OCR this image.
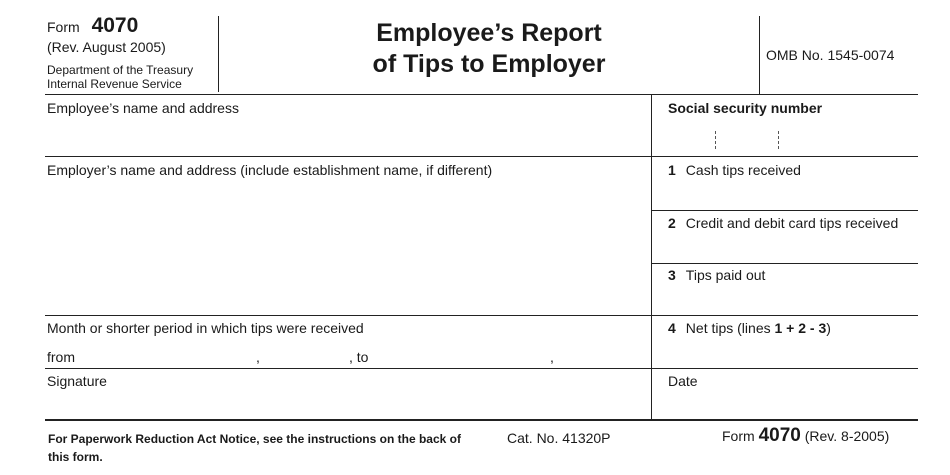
Form 4070
(Rev. August 2005)
Department of the Treasury
Internal Revenue Service
Employee’s Report
of Tips to Employer	OMB No. 1545-0074
Employee’s name and address	Social security number
Employer’s name and address (include establishment name, if different)	1 Cash tips received
2 Credit and debit card tips received
3 Tips paid out
Month or shorter period in which tips were received	4 Net tips (lines 1 + 2 - 3)
from	,	, to	,
Signature	Date
For Paperwork Reduction Act Notice, see the instructions on the back of this form.
Cat. No. 41320P	Form 4070 (Rev. 8-2005)
